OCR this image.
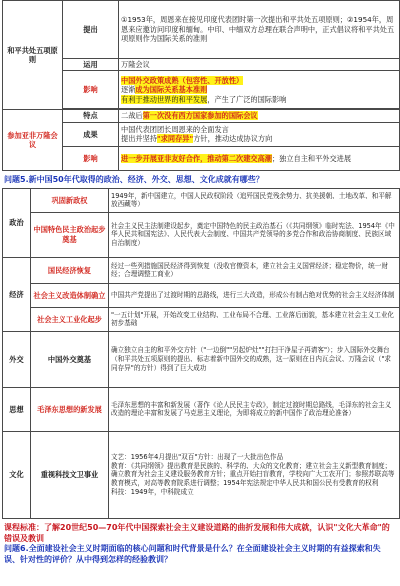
和平共处五项原则	提出	①1953年，周恩来在接见印度代表团时第一次提出和平共处五项原则；②1954年，周恩来应邀访问印度和缅甸。中印、中缅双方总理在联合声明中，正式倡议将和平共处五项原则作为国际关系的准则
	运用	万隆会议
	影响	中国外交政策成熟（包容性、开放性）
逐渐成为国际关系基本准则
有利于推动世界的和平发展，产生了广泛的国际影响

参加亚非万隆会议	特点	二战后第一次没有西方国家参加的国际会议
	成果	中国代表团团长周恩来的全面发言
提出并坚持"求同存异"方针，推动达成协议方向

	影响	进一步开展亚非友好合作，推动第二次建交高潮；独立自主和平外交进展
问题5.新中国50年代取得的政治、经济、外交、思想、文化成就有哪些？
政治	巩固新政权	1949年，新中国建立，中国人民政权阶段（追歼国民党残余势力、抗美援朝、土地改革、和平解放西藏等）
	中国特色民主政治起步奠基	社会主义民主法制建设起步，奠定中国特色的民主政治基石（《共同纲领》临时宪法、1954年《中华人民共和国宪法》、人民代表大会制度、中国共产党领导的多党合作和政治协商制度、民族区域自治制度）
经济	国民经济恢复	经过一些列措施国民经济得到恢复（没收官僚资本，建立社会主义国营经济；稳定物价，统一财经；合理调整工商业）
	社会主义改造体制确立	中国共产党提出了过渡时期的总路线，进行三大改造，形成公有制占绝对优势的社会主义经济体制
	社会主义工业化起步	"一五计划"开展，开始改变工业结构、工业布局不合理、工业落后面貌，基本建立社会主义工业化初步基础
外交	中国外交奠基	确立独立自主的和平外交方针（"一边倒""另起炉灶""打扫干净屋子再请客"）；步入国际外交舞台（和平共处五项原则的提出、标志着新中国外交的成熟，这一原则在日内瓦会议、万隆会议（"求同存异"的方针）得到了巨大成功
思想	毛泽东思想的新发展	毛泽东思想的丰富和新发展（著作《论人民民主专政》，制定过渡时期总路线，毛泽东的社会主义改造的理论丰富和发展了马克思主义理论，为即将成立的新中国作了政治理论准备）
文化	重视科技文卫事业	文艺：1956年4月提出"双百"方针：出现了一大批出色作品
教育：《共同纲领》提出教育是民族的、科学的、大众的文化教育；建立社会主义新型教育制度；确立教育为社会主义建设服务教育方针；重点开始扫盲教育，学校向广大工农开门；参照苏联高等教育模式，对高等教育院系进行调整；1954年宪法规定中华人民共和国公民有受教育的权利
科技：1949年，中科院成立
课程标准：了解20世纪50—70年代中国探索社会主义建设道路的曲折发展和伟大成就，认识"文化大革命"的错误及教训
问题6.全面建设社会主义时期面临的核心问题和时代背景是什么？在全面建设社会主义时期的有益探索和失误、针对性的评价？从中得到怎样的经验教训？
